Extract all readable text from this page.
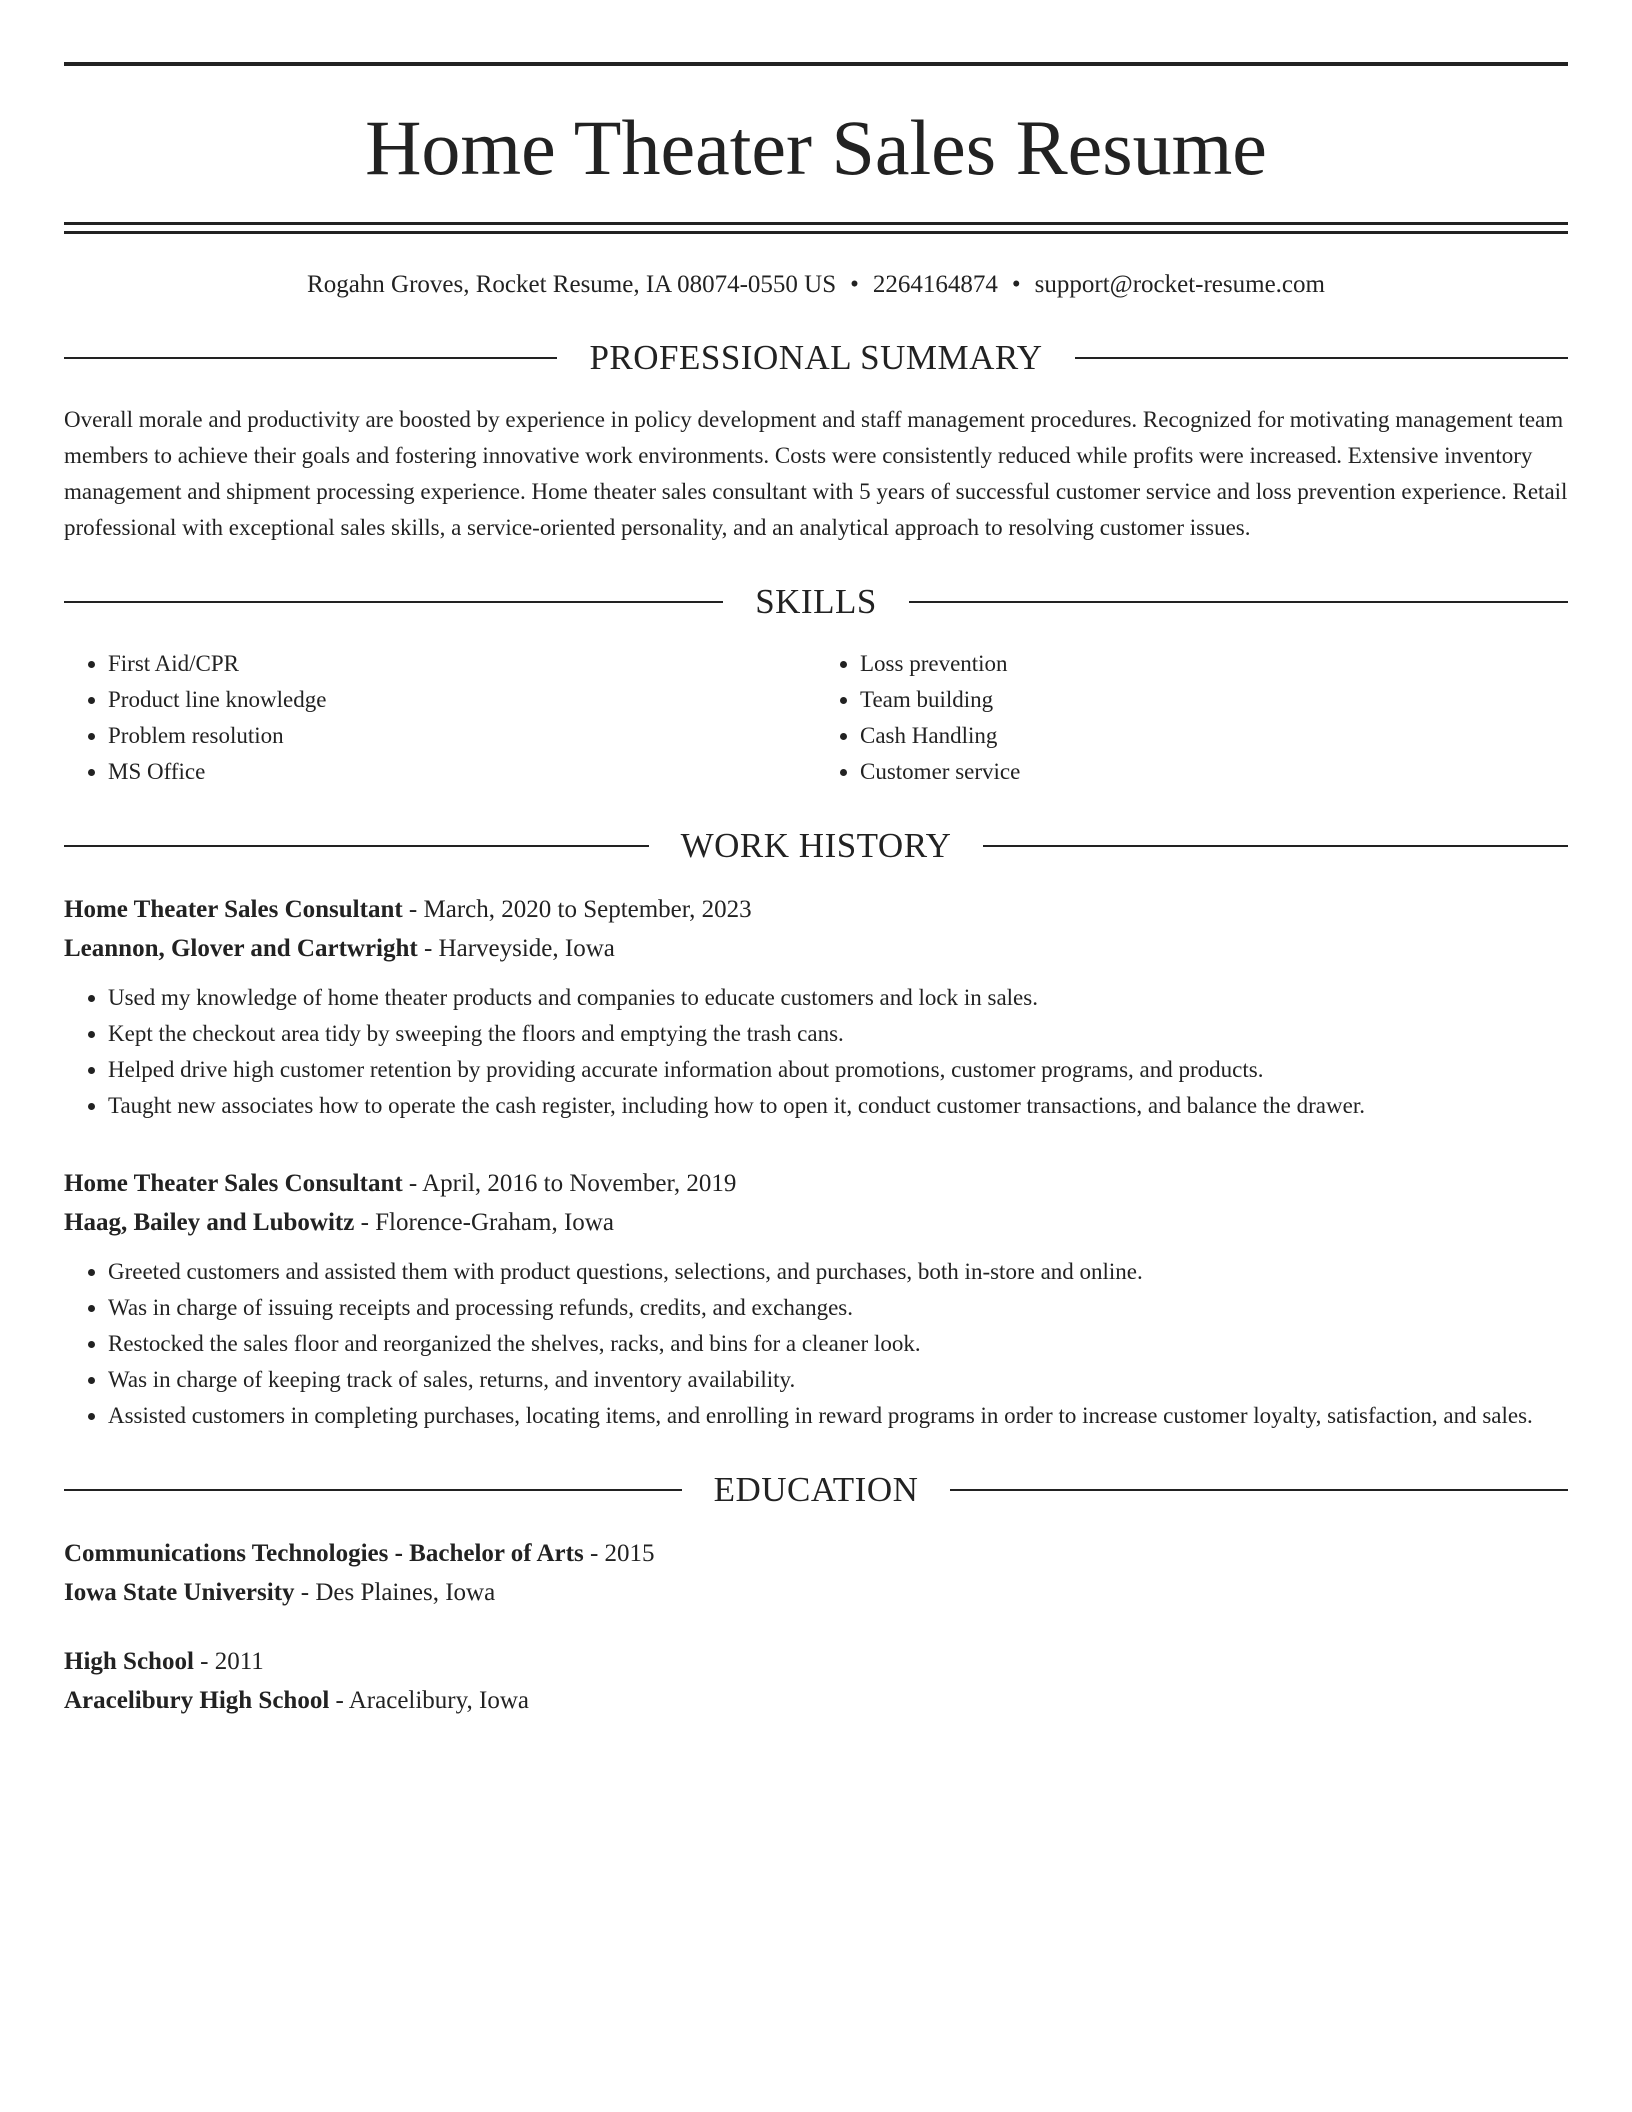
Home Theater Sales Resume
Rogahn Groves, Rocket Resume, IA 08074-0550 US • 2264164874 • support@rocket-resume.com
PROFESSIONAL SUMMARY

Overall morale and productivity are boosted by experience in policy development and staff management procedures. Recognized for motivating management team members to achieve their goals and fostering innovative work environments. Costs were consistently reduced while profits were increased. Extensive inventory management and shipment processing experience. Home theater sales consultant with 5 years of successful customer service and loss prevention experience. Retail professional with exceptional sales skills, a service-oriented personality, and an analytical approach to resolving customer issues.

SKILLS
• First Aid/CPR
• Product line knowledge
• Problem resolution
• MS Office
• Loss prevention
• Team building
• Cash Handling
• Customer service
WORK HISTORY
Home Theater Sales Consultant - March, 2020 to September, 2023
Leannon, Glover and Cartwright - Harveyside, Iowa
• Used my knowledge of home theater products and companies to educate customers and lock in sales.
• Kept the checkout area tidy by sweeping the floors and emptying the trash cans.
• Helped drive high customer retention by providing accurate information about promotions, customer programs, and products.
• Taught new associates how to operate the cash register, including how to open it, conduct customer transactions, and balance the drawer.
Home Theater Sales Consultant - April, 2016 to November, 2019
Haag, Bailey and Lubowitz - Florence-Graham, Iowa
• Greeted customers and assisted them with product questions, selections, and purchases, both in-store and online.
• Was in charge of issuing receipts and processing refunds, credits, and exchanges.
• Restocked the sales floor and reorganized the shelves, racks, and bins for a cleaner look.
• Was in charge of keeping track of sales, returns, and inventory availability.
• Assisted customers in completing purchases, locating items, and enrolling in reward programs in order to increase customer loyalty, satisfaction, and sales.
EDUCATION
Communications Technologies - Bachelor of Arts - 2015
Iowa State University - Des Plaines, Iowa
High School - 2011
Aracelibury High School - Aracelibury, Iowa
